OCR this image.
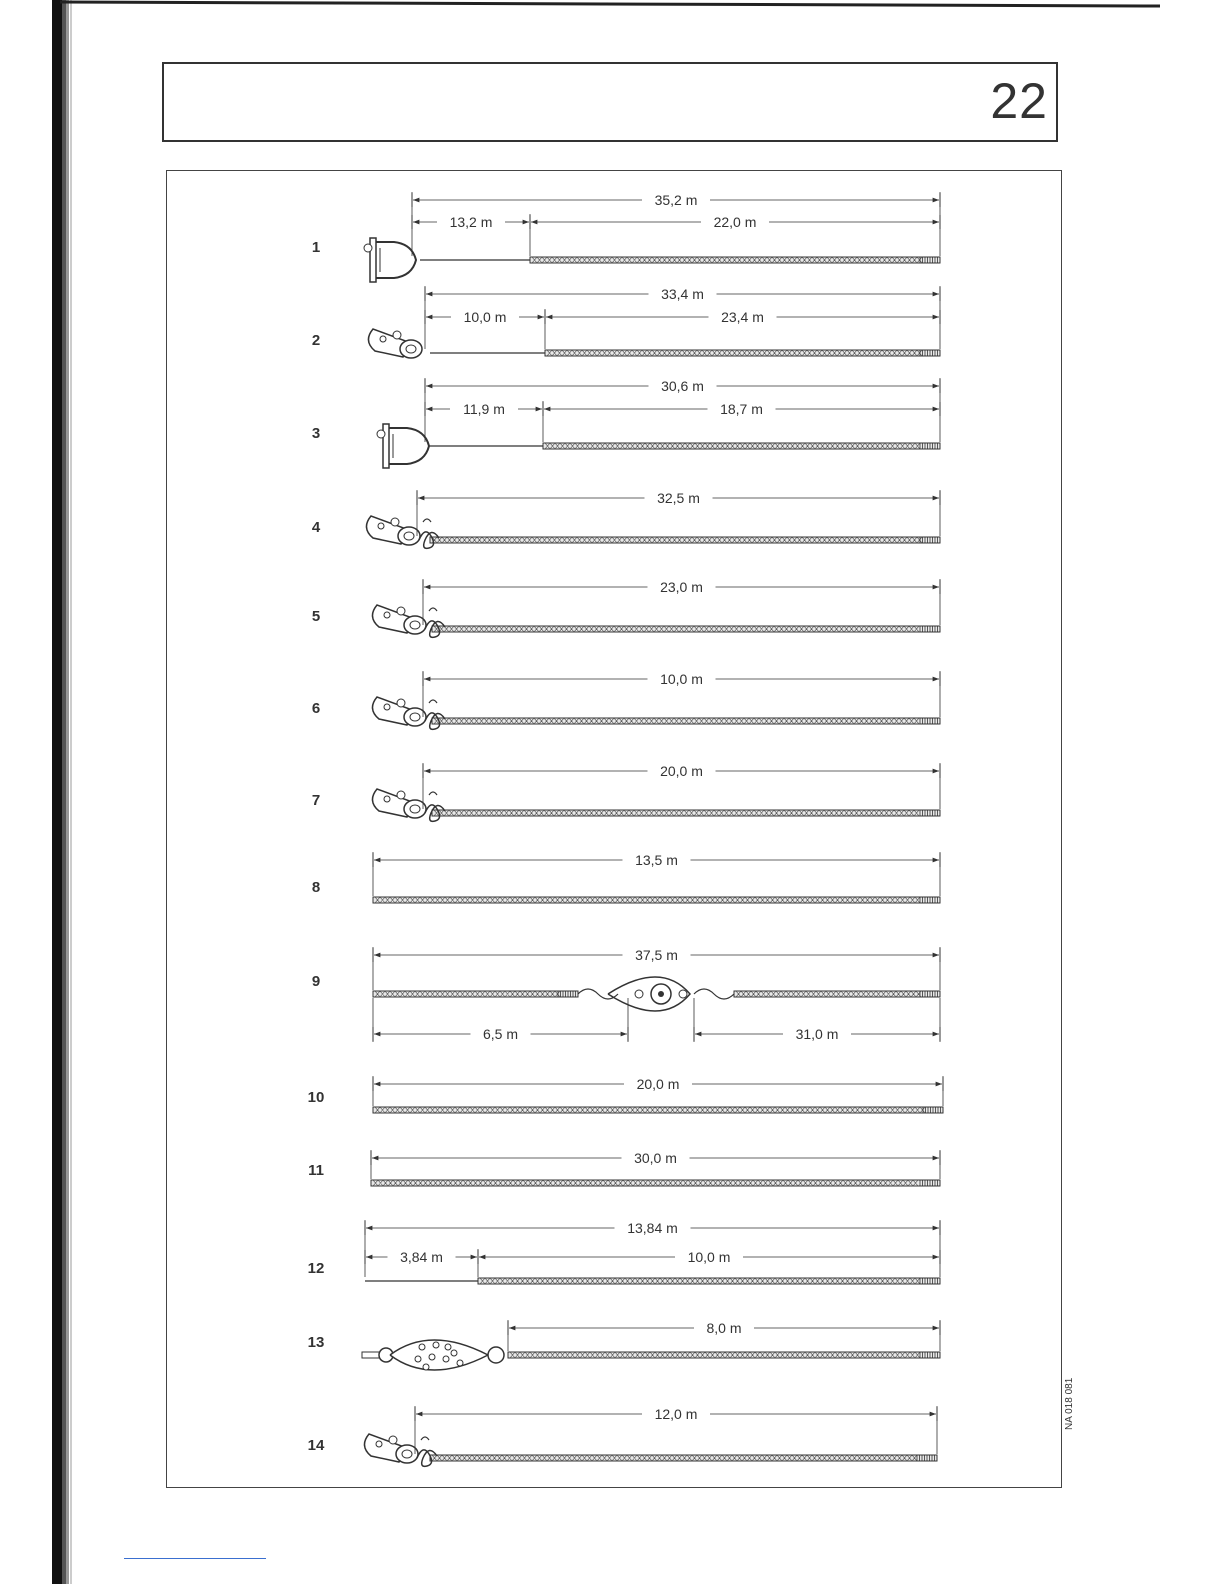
22
1
35,2 m
13,2 m	22,0 m
2
33,4 m
10,0 m	23,4 m
3
30,6 m
11,9 m	18,7 m
4
32,5 m
5
23,0 m
6
10,0 m
7
20,0 m
8
13,5 m
9
37,5 m
6,5 m	31,0 m
10
20,0 m
11
30,0 m
12
13,84 m
3,84 m	10,0 m
13
8,0 m
14
12,0 m	NA 018 081
